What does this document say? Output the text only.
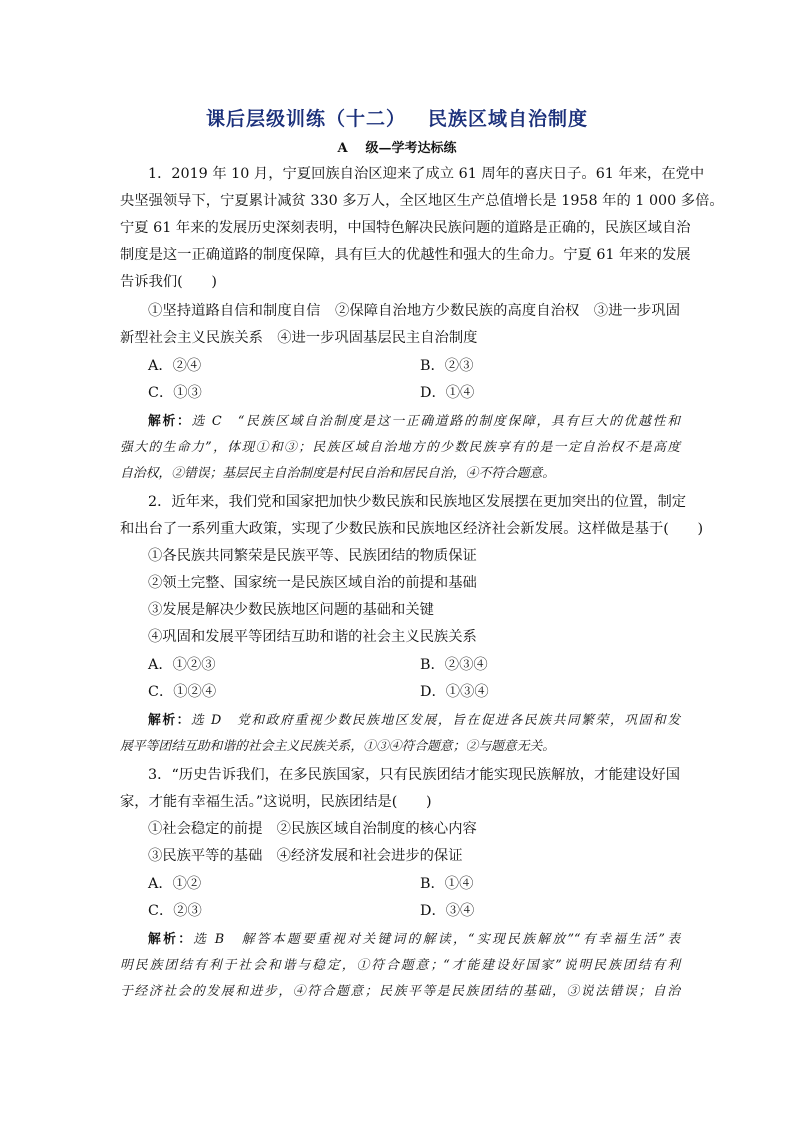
课后层级训练（十二） 民族区域自治制度
A 级—学考达标练
1．2019 年 10 月，宁夏回族自治区迎来了成立 61 周年的喜庆日子。61 年来，在党中
央坚强领导下，宁夏累计减贫 330 多万人，全区地区生产总值增长是 1958 年的 1 000 多倍。
宁夏 61 年来的发展历史深刻表明，中国特色解决民族问题的道路是正确的，民族区域自治
制度是这一正确道路的制度保障，具有巨大的优越性和强大的生命力。宁夏 61 年来的发展
告诉我们(　　)
①坚持道路自信和制度自信　②保障自治地方少数民族的高度自治权　③进一步巩固
新型社会主义民族关系　④进一步巩固基层民主自治制度
A．②④	B．②③
C．①③	D．①④
解析：选 C　“民族区域自治制度是这一正确道路的制度保障，具有巨大的优越性和
强大的生命力”，体现①和③；民族区域自治地方的少数民族享有的是一定自治权不是高度
自治权，②错误；基层民主自治制度是村民自治和居民自治，④不符合题意。
2．近年来，我们党和国家把加快少数民族和民族地区发展摆在更加突出的位置，制定
和出台了一系列重大政策，实现了少数民族和民族地区经济社会新发展。这样做是基于(　　)
①各民族共同繁荣是民族平等、民族团结的物质保证
②领土完整、国家统一是民族区域自治的前提和基础
③发展是解决少数民族地区问题的基础和关键
④巩固和发展平等团结互助和谐的社会主义民族关系
A．①②③	B．②③④
C．①②④	D．①③④
解析：选 D　党和政府重视少数民族地区发展，旨在促进各民族共同繁荣，巩固和发
展平等团结互助和谐的社会主义民族关系，①③④符合题意；②与题意无关。
3．“历史告诉我们，在多民族国家，只有民族团结才能实现民族解放，才能建设好国
家，才能有幸福生活。”这说明，民族团结是(　　)
①社会稳定的前提　②民族区域自治制度的核心内容
③民族平等的基础　④经济发展和社会进步的保证
A．①②	B．①④
C．②③	D．③④
解析：选 B　解答本题要重视对关键词的解读，“实现民族解放”“有幸福生活”表
明民族团结有利于社会和谐与稳定，①符合题意；“才能建设好国家”说明民族团结有利
于经济社会的发展和进步，④符合题意；民族平等是民族团结的基础，③说法错误；自治
